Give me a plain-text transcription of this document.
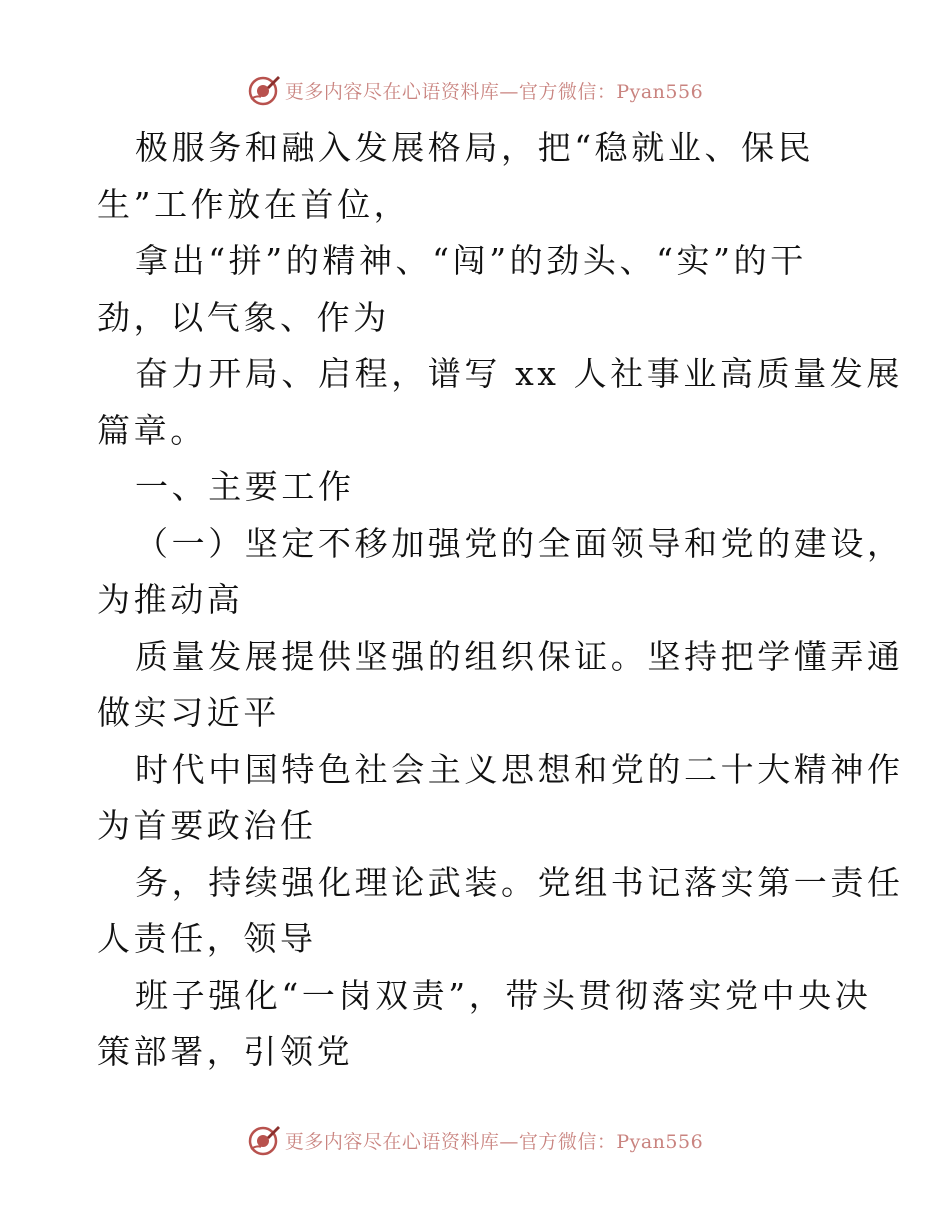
更多内容尽在心语资料库—官方微信：Pyan556
极服务和融入发展格局，把“稳就业、保民
生”工作放在首位，
拿出“拼”的精神、“闯”的劲头、“实”的干
劲，以气象、作为
奋力开局、启程，谱写 xx 人社事业高质量发展
篇章。
一、主要工作
（一）坚定不移加强党的全面领导和党的建设，
为推动高
质量发展提供坚强的组织保证。坚持把学懂弄通
做实习近平
时代中国特色社会主义思想和党的二十大精神作
为首要政治任
务，持续强化理论武装。党组书记落实第一责任
人责任，领导
班子强化“一岗双责”，带头贯彻落实党中央决
策部署，引领党
更多内容尽在心语资料库—官方微信：Pyan556
